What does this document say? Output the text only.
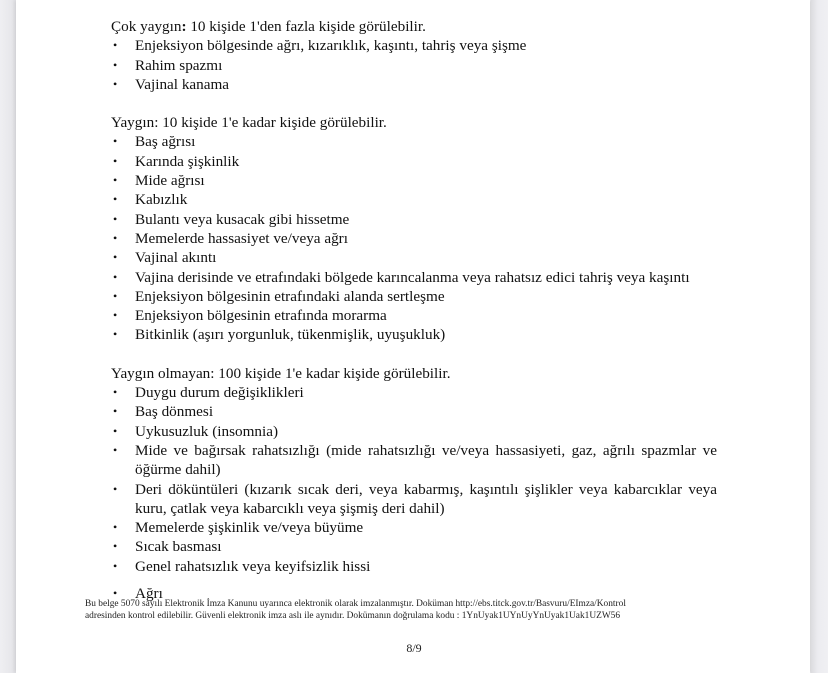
Çok yaygın: 10 kişide 1'den fazla kişide görülebilir.

• Enjeksiyon bölgesinde ağrı, kızarıklık, kaşıntı, tahriş veya şişme
• Rahim spazmı
• Vajinal kanama

Yaygın: 10 kişide 1'e kadar kişide görülebilir.

• Baş ağrısı
• Karında şişkinlik
• Mide ağrısı
• Kabızlık
• Bulantı veya kusacak gibi hissetme
• Memelerde hassasiyet ve/veya ağrı
• Vajinal akıntı
• Vajina derisinde ve etrafındaki bölgede karıncalanma veya rahatsız edici tahriş veya kaşıntı
• Enjeksiyon bölgesinin etrafındaki alanda sertleşme
• Enjeksiyon bölgesinin etrafında morarma
• Bitkinlik (aşırı yorgunluk, tükenmişlik, uyuşukluk)

Yaygın olmayan: 100 kişide 1'e kadar kişide görülebilir.

• Duygu durum değişiklikleri
• Baş dönmesi
• Uykusuzluk (insomnia)
• Mide ve bağırsak rahatsızlığı (mide rahatsızlığı ve/veya hassasiyeti, gaz, ağrılı spazmlar ve öğürme dahil)
• Deri döküntüleri (kızarık sıcak deri, veya kabarmış, kaşıntılı şişlikler veya kabarcıklar veya kuru, çatlak veya kabarcıklı veya şişmiş deri dahil)
• Memelerde şişkinlik ve/veya büyüme
• Sıcak basması
• Genel rahatsızlık veya keyifsizlik hissi
• Ağrı
Bu belge 5070 sayılı Elektronik İmza Kanunu uyarınca elektronik olarak imzalanmıştır. Doküman http://ebs.titck.gov.tr/Basvuru/EImza/Kontrol
adresinden kontrol edilebilir. Güvenli elektronik imza aslı ile aynıdır. Dokümanın doğrulama kodu : 1YnUyak1UYnUyYnUyak1Uak1UZW56
8/9
